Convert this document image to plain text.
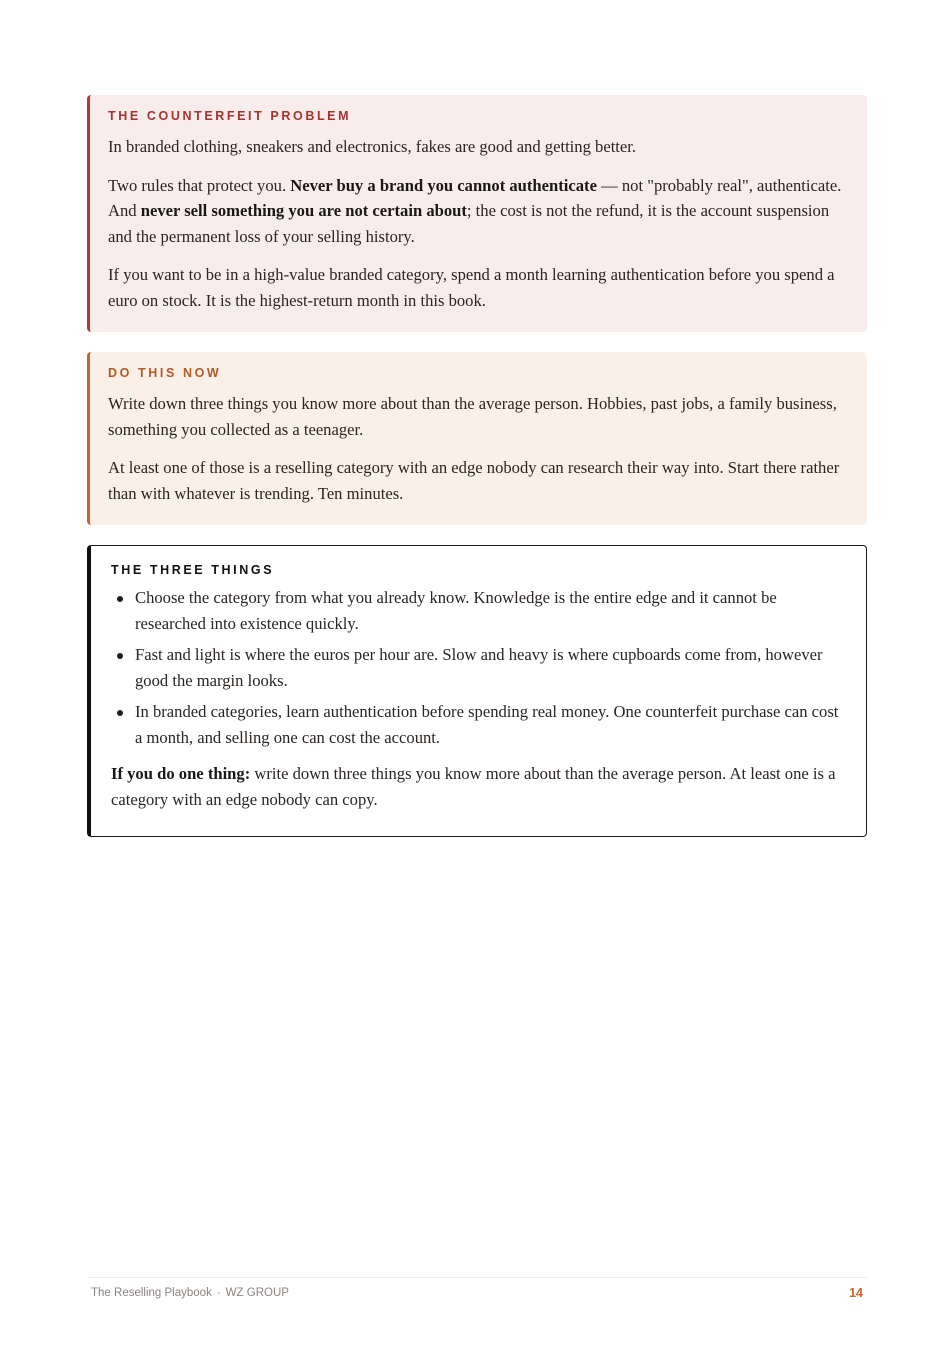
THE COUNTERFEIT PROBLEM

In branded clothing, sneakers and electronics, fakes are good and getting better.

Two rules that protect you. Never buy a brand you cannot authenticate — not "probably real", authenticate. And never sell something you are not certain about; the cost is not the refund, it is the account suspension and the permanent loss of your selling history.

If you want to be in a high-value branded category, spend a month learning authentication before you spend a euro on stock. It is the highest-return month in this book.

DO THIS NOW

Write down three things you know more about than the average person. Hobbies, past jobs, a family business, something you collected as a teenager.

At least one of those is a reselling category with an edge nobody can research their way into. Start there rather than with whatever is trending. Ten minutes.

THE THREE THINGS
Choose the category from what you already know. Knowledge is the entire edge and it cannot be researched into existence quickly.
Fast and light is where the euros per hour are. Slow and heavy is where cupboards come from, however good the margin looks.
In branded categories, learn authentication before spending real money. One counterfeit purchase can cost a month, and selling one can cost the account.

If you do one thing: write down three things you know more about than the average person. At least one is a category with an edge nobody can copy.

The Reselling Playbook · WZ GROUP	14
